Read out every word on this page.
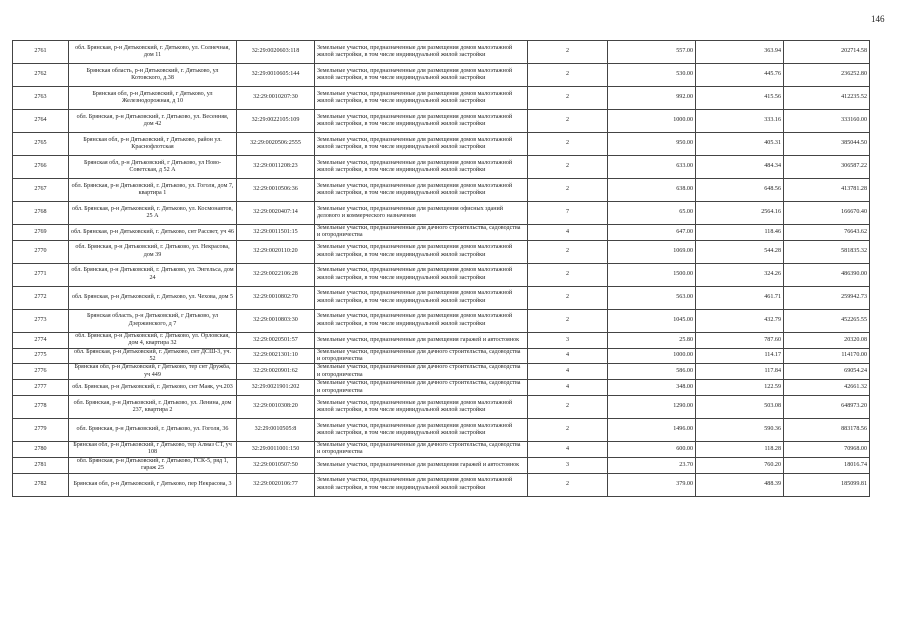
146
2761	обл. Брянская, р-н Дятьковский, г. Дятьково, ул. Солнечная, дом 11	32:29:0020603:118	Земельные участки, предназначенные для размещения домов малоэтажной жилой застройки, в том числе индивидуальной жилой застройки	2	557.00	363.94	202714.58
2762	Брянская область, р-н Дятьковский, г. Дятьково, ул Котовского, д.38	32:29:0010605:144	Земельные участки, предназначенные для размещения домов малоэтажной жилой застройки, в том числе индивидуальной жилой застройки	2	530.00	445.76	236252.80
2763	Брянская обл, р-н Дятьковский, г Дятьково, ул Железнодорожная, д 10	32:29:0010207:30	Земельные участки, предназначенные для размещения домов малоэтажной жилой застройки, в том числе индивидуальной жилой застройки	2	992.00	415.56	412235.52
2764	обл. Брянская, р-н Дятьковский, г. Дятьково, ул. Весенняя, дом 42	32:29:0022105:109	Земельные участки, предназначенные для размещения домов малоэтажной жилой застройки, в том числе индивидуальной жилой застройки	2	1000.00	333.16	333160.00
2765	Брянская обл, р-н Дятьковский, г Дятьково, район ул. Краснофлотская	32:29:0020506:2555	Земельные участки, предназначенные для размещения домов малоэтажной жилой застройки, в том числе индивидуальной жилой застройки	2	950.00	405.31	385044.50
2766	Брянская обл, р-н Дятьковский, г Дятьково, ул Ново-Советская, д 52 А	32:29:0011208:23	Земельные участки, предназначенные для размещения домов малоэтажной жилой застройки, в том числе индивидуальной жилой застройки	2	633.00	484.34	306587.22
2767	обл. Брянская, р-н Дятьковский, г. Дятьково, ул. Гоголя, дом 7, квартира 1	32:29:0010506:36	Земельные участки, предназначенные для размещения домов малоэтажной жилой застройки, в том числе индивидуальной жилой застройки	2	638.00	648.56	413781.28
2768	обл. Брянская, р-н Дятьковский, г. Дятьково, ул. Космонавтов, 25 А	32:29:0020407:14	Земельные участки, предназначенные для размещения офисных зданий делового и коммерческого назначения	7	65.00	2564.16	166670.40
2769	обл. Брянская, р-н Дятьковский, г. Дятьково, снт Рассвет, уч 46	32:29:0011501:15	Земельные участки, предназначенные для дачного строительства, садоводства и огородничества	4	647.00	118.46	76643.62
2770	обл. Брянская, р-н Дятьковский, г. Дятьково, ул. Некрасова, дом 39	32:29:0020110:20	Земельные участки, предназначенные для размещения домов малоэтажной жилой застройки, в том числе индивидуальной жилой застройки	2	1069.00	544.28	581835.32
2771	обл. Брянская, р-н Дятьковский, г. Дятьково, ул. Энгельса, дом 24	32:29:0022106:28	Земельные участки, предназначенные для размещения домов малоэтажной жилой застройки, в том числе индивидуальной жилой застройки	2	1500.00	324.26	486390.00
2772	обл. Брянская, р-н Дятьковский, г. Дятьково, ул. Чехова, дом 5	32:29:0010802:70	Земельные участки, предназначенные для размещения домов малоэтажной жилой застройки, в том числе индивидуальной жилой застройки	2	563.00	461.71	259942.73
2773	Брянская область, р-н Дятьковский, г Дятьково, ул Дзержинского, д 7	32:29:0010803:30	Земельные участки, предназначенные для размещения домов малоэтажной жилой застройки, в том числе индивидуальной жилой застройки	2	1045.00	432.79	452265.55
2774	обл. Брянская, р-н Дятьковский, г. Дятьково, ул. Орловская, дом 4, квартира 32	32:29:0020501:57	Земельные участки, предназначенные для размещения гаражей и автостоянок	3	25.80	787.60	20320.08
2775	обл. Брянская, р-н Дятьковский, г. Дятьково, снт ДСШ-3, уч. 52	32:29:0021301:10	Земельные участки, предназначенные для дачного строительства, садоводства и огородничества	4	1000.00	114.17	114170.00
2776	Брянская обл, р-н Дятьковский, г Дятьково, тер снт Дружба, уч 449	32:29:0020901:62	Земельные участки, предназначенные для дачного строительства, садоводства и огородничества	4	586.00	117.84	69054.24
2777	обл. Брянская, р-н Дятьковский, г. Дятьково, снт Маяк, уч.203	32:29:0021901:202	Земельные участки, предназначенные для дачного строительства, садоводства и огородничества	4	348.00	122.59	42661.32
2778	обл. Брянская, р-н Дятьковский, г. Дятьково, ул. Ленина, дом 237, квартира 2	32:29:0010308:20	Земельные участки, предназначенные для размещения домов малоэтажной жилой застройки, в том числе индивидуальной жилой застройки	2	1290.00	503.08	648973.20
2779	обл. Брянская, р-н Дятьковский, г. Дятьково, ул. Гоголя, 36	32:29:0010505:8	Земельные участки, предназначенные для размещения домов малоэтажной жилой застройки, в том числе индивидуальной жилой застройки	2	1496.00	590.36	883178.56
2780	Брянская обл, р-н Дятьковский, г Дятьково, тер Алмаз СТ, уч 108	32:29:0011001:150	Земельные участки, предназначенные для дачного строительства, садоводства и огородничества	4	600.00	118.28	70968.00
2781	обл. Брянская, р-н Дятьковский, г. Дятьково, ГСК-5, ряд 1, гараж 25	32:29:0010507:50	Земельные участки, предназначенные для размещения гаражей и автостоянок	3	23.70	760.20	18016.74
2782	Брянская обл, р-н Дятьковский, г Дятьково, пер Некрасова, 3	32:29:0020106:77	Земельные участки, предназначенные для размещения домов малоэтажной жилой застройки, в том числе индивидуальной жилой застройки	2	379.00	488.39	185099.81
